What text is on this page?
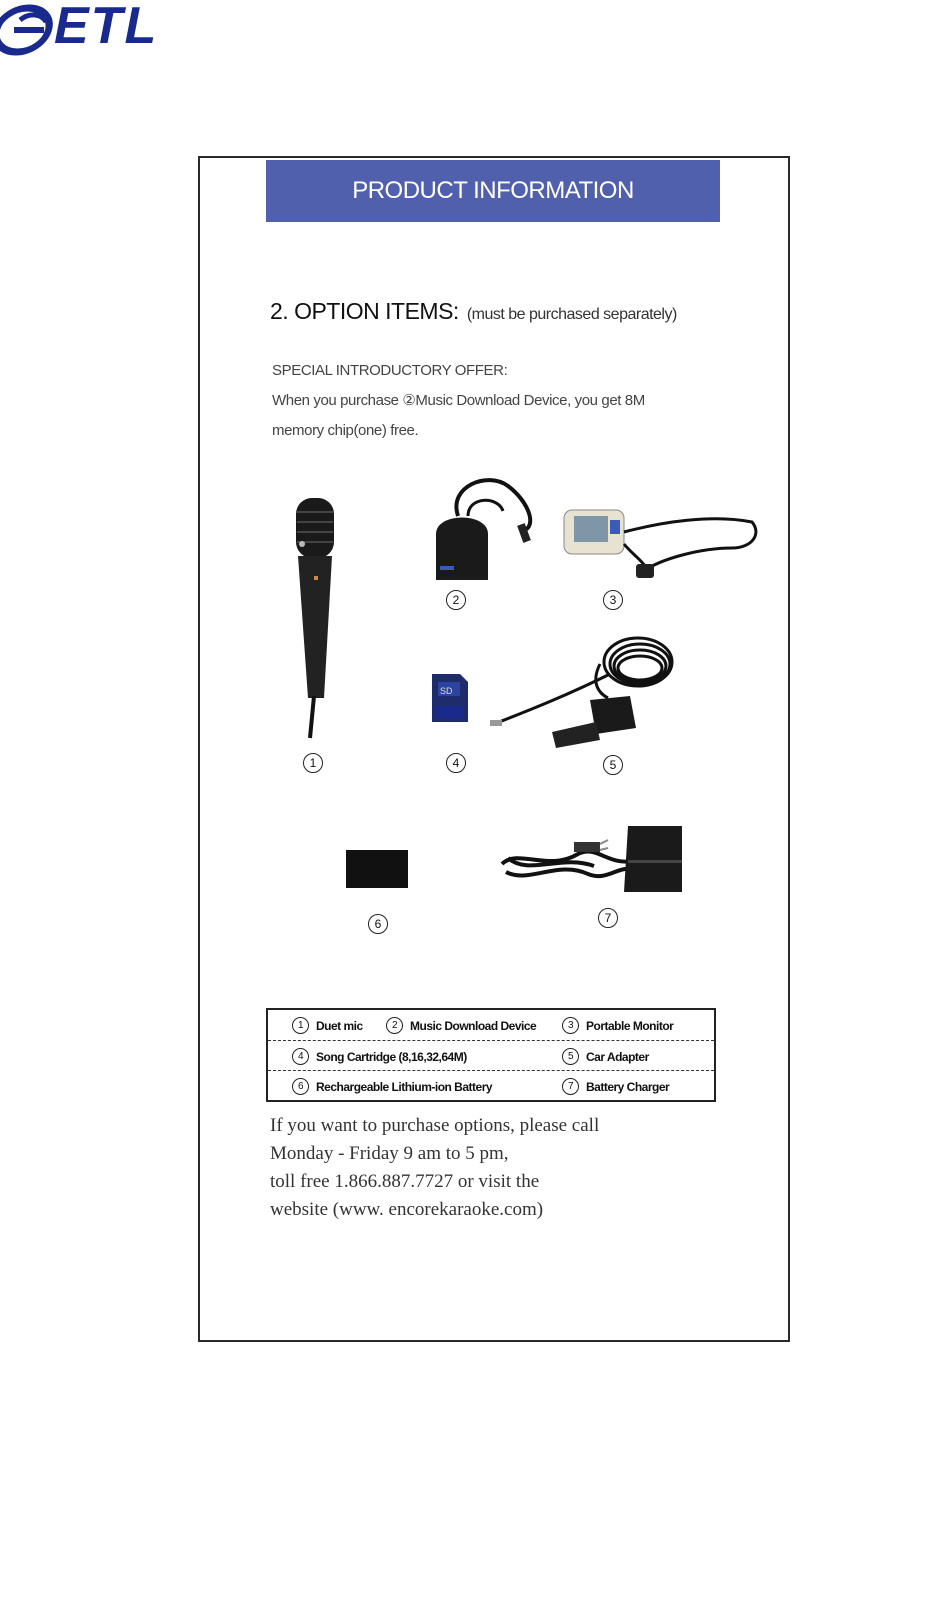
ETL
PRODUCT INFORMATION
2. OPTION ITEMS: (must be purchased separately)
SPECIAL INTRODUCTORY OFFER:
When you purchase ②Music Download Device, you get 8M
memory chip(one) free.
1
2	3
SD
4	5
6	7
1	Duet mic	2	Music Download Device	3	Portable Monitor
4	Song Cartridge (8,16,32,64M)	5	Car Adapter
6	Rechargeable Lithium-ion Battery	7	Battery Charger
If you want to purchase options, please call
Monday - Friday 9 am to 5 pm,
toll free 1.866.887.7727 or visit the
website (www. encorekaraoke.com)
